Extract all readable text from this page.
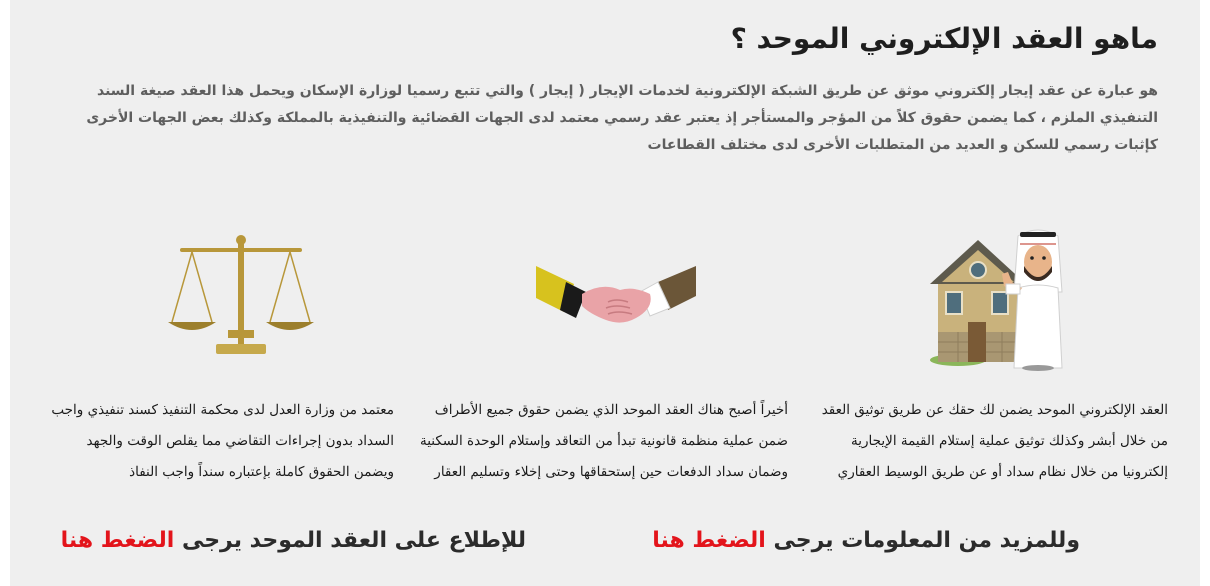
ماهو العقد الإلكتروني الموحد ؟

هو عبارة عن عقد إيجار إلكتروني موثق عن طريق الشبكة الإلكترونية لخدمات الإيجار ( إيجار ) والتي تتبع رسميا لوزارة الإسكان ويحمل هذا العقد صيغة السند

التنفيذي الملزم ، كما يضمن حقوق كلاً من المؤجر والمستأجر إذ يعتبر عقد رسمي معتمد لدى الجهات القضائية والتنفيذية بالمملكة وكذلك بعض الجهات الأخرى

كإثبات رسمي للسكن و العديد من المتطلبات الأخرى لدى مختلف القطاعات

العقد الإلكتروني الموحد يضمن لك حقك عن طريق توثيق العقد

من خلال أبشر وكذلك توثيق عملية إستلام القيمة الإيجارية

إلكترونيا من خلال نظام سداد أو عن طريق الوسيط العقاري

أخيراً أصبح هناك العقد الموحد الذي يضمن حقوق جميع الأطراف

ضمن عملية منظمة قانونية تبدأ من التعاقد وإستلام الوحدة السكنية

وضمان سداد الدفعات حين إستحقاقها وحتى إخلاء وتسليم العقار

معتمد من وزارة العدل لدى محكمة التنفيذ كسند تنفيذي واجب

السداد بدون إجراءات التقاضي مما يقلص الوقت والجهد

ويضمن الحقوق كاملة بإعتباره سنداً واجب النفاذ

وللمزيد من المعلومات يرجى الضغط هنا
للإطلاع على العقد الموحد يرجى الضغط هنا
